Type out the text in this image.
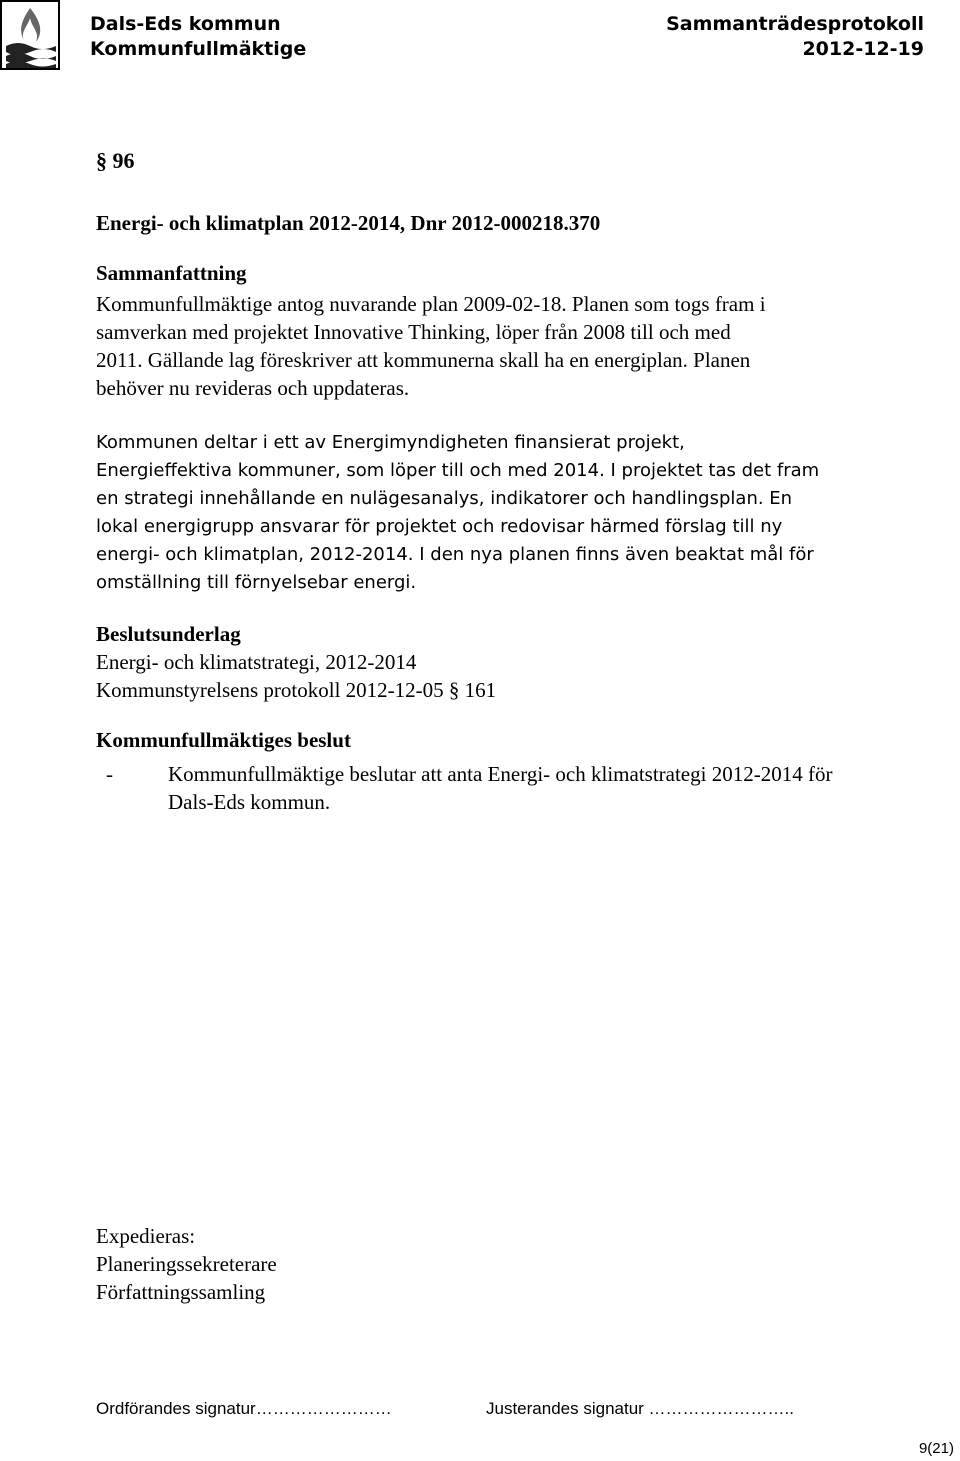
Dals-Eds kommun
Kommunfullmäktige
Sammanträdesprotokoll
2012-12-19
§ 96
Energi- och klimatplan 2012-2014, Dnr 2012-000218.370
Sammanfattning
Kommunfullmäktige antog nuvarande plan 2009-02-18. Planen som togs fram i
samverkan med projektet Innovative Thinking, löper från 2008 till och med
2011. Gällande lag föreskriver att kommunerna skall ha en energiplan. Planen
behöver nu revideras och uppdateras.
Kommunen deltar i ett av Energimyndigheten finansierat projekt,
Energieffektiva kommuner, som löper till och med 2014. I projektet tas det fram
en strategi innehållande en nulägesanalys, indikatorer och handlingsplan. En
lokal energigrupp ansvarar för projektet och redovisar härmed förslag till ny
energi- och klimatplan, 2012-2014. I den nya planen finns även beaktat mål för
omställning till förnyelsebar energi.
Beslutsunderlag
Energi- och klimatstrategi, 2012-2014
Kommunstyrelsens protokoll 2012-12-05 § 161
Kommunfullmäktiges beslut
-	Kommunfullmäktige beslutar att anta Energi- och klimatstrategi 2012-2014 för
Dals-Eds kommun.
Expedieras:
Planeringssekreterare
Författningssamling
Ordförandes signatur……………………	Justerandes signatur ……………………..
9(21)
